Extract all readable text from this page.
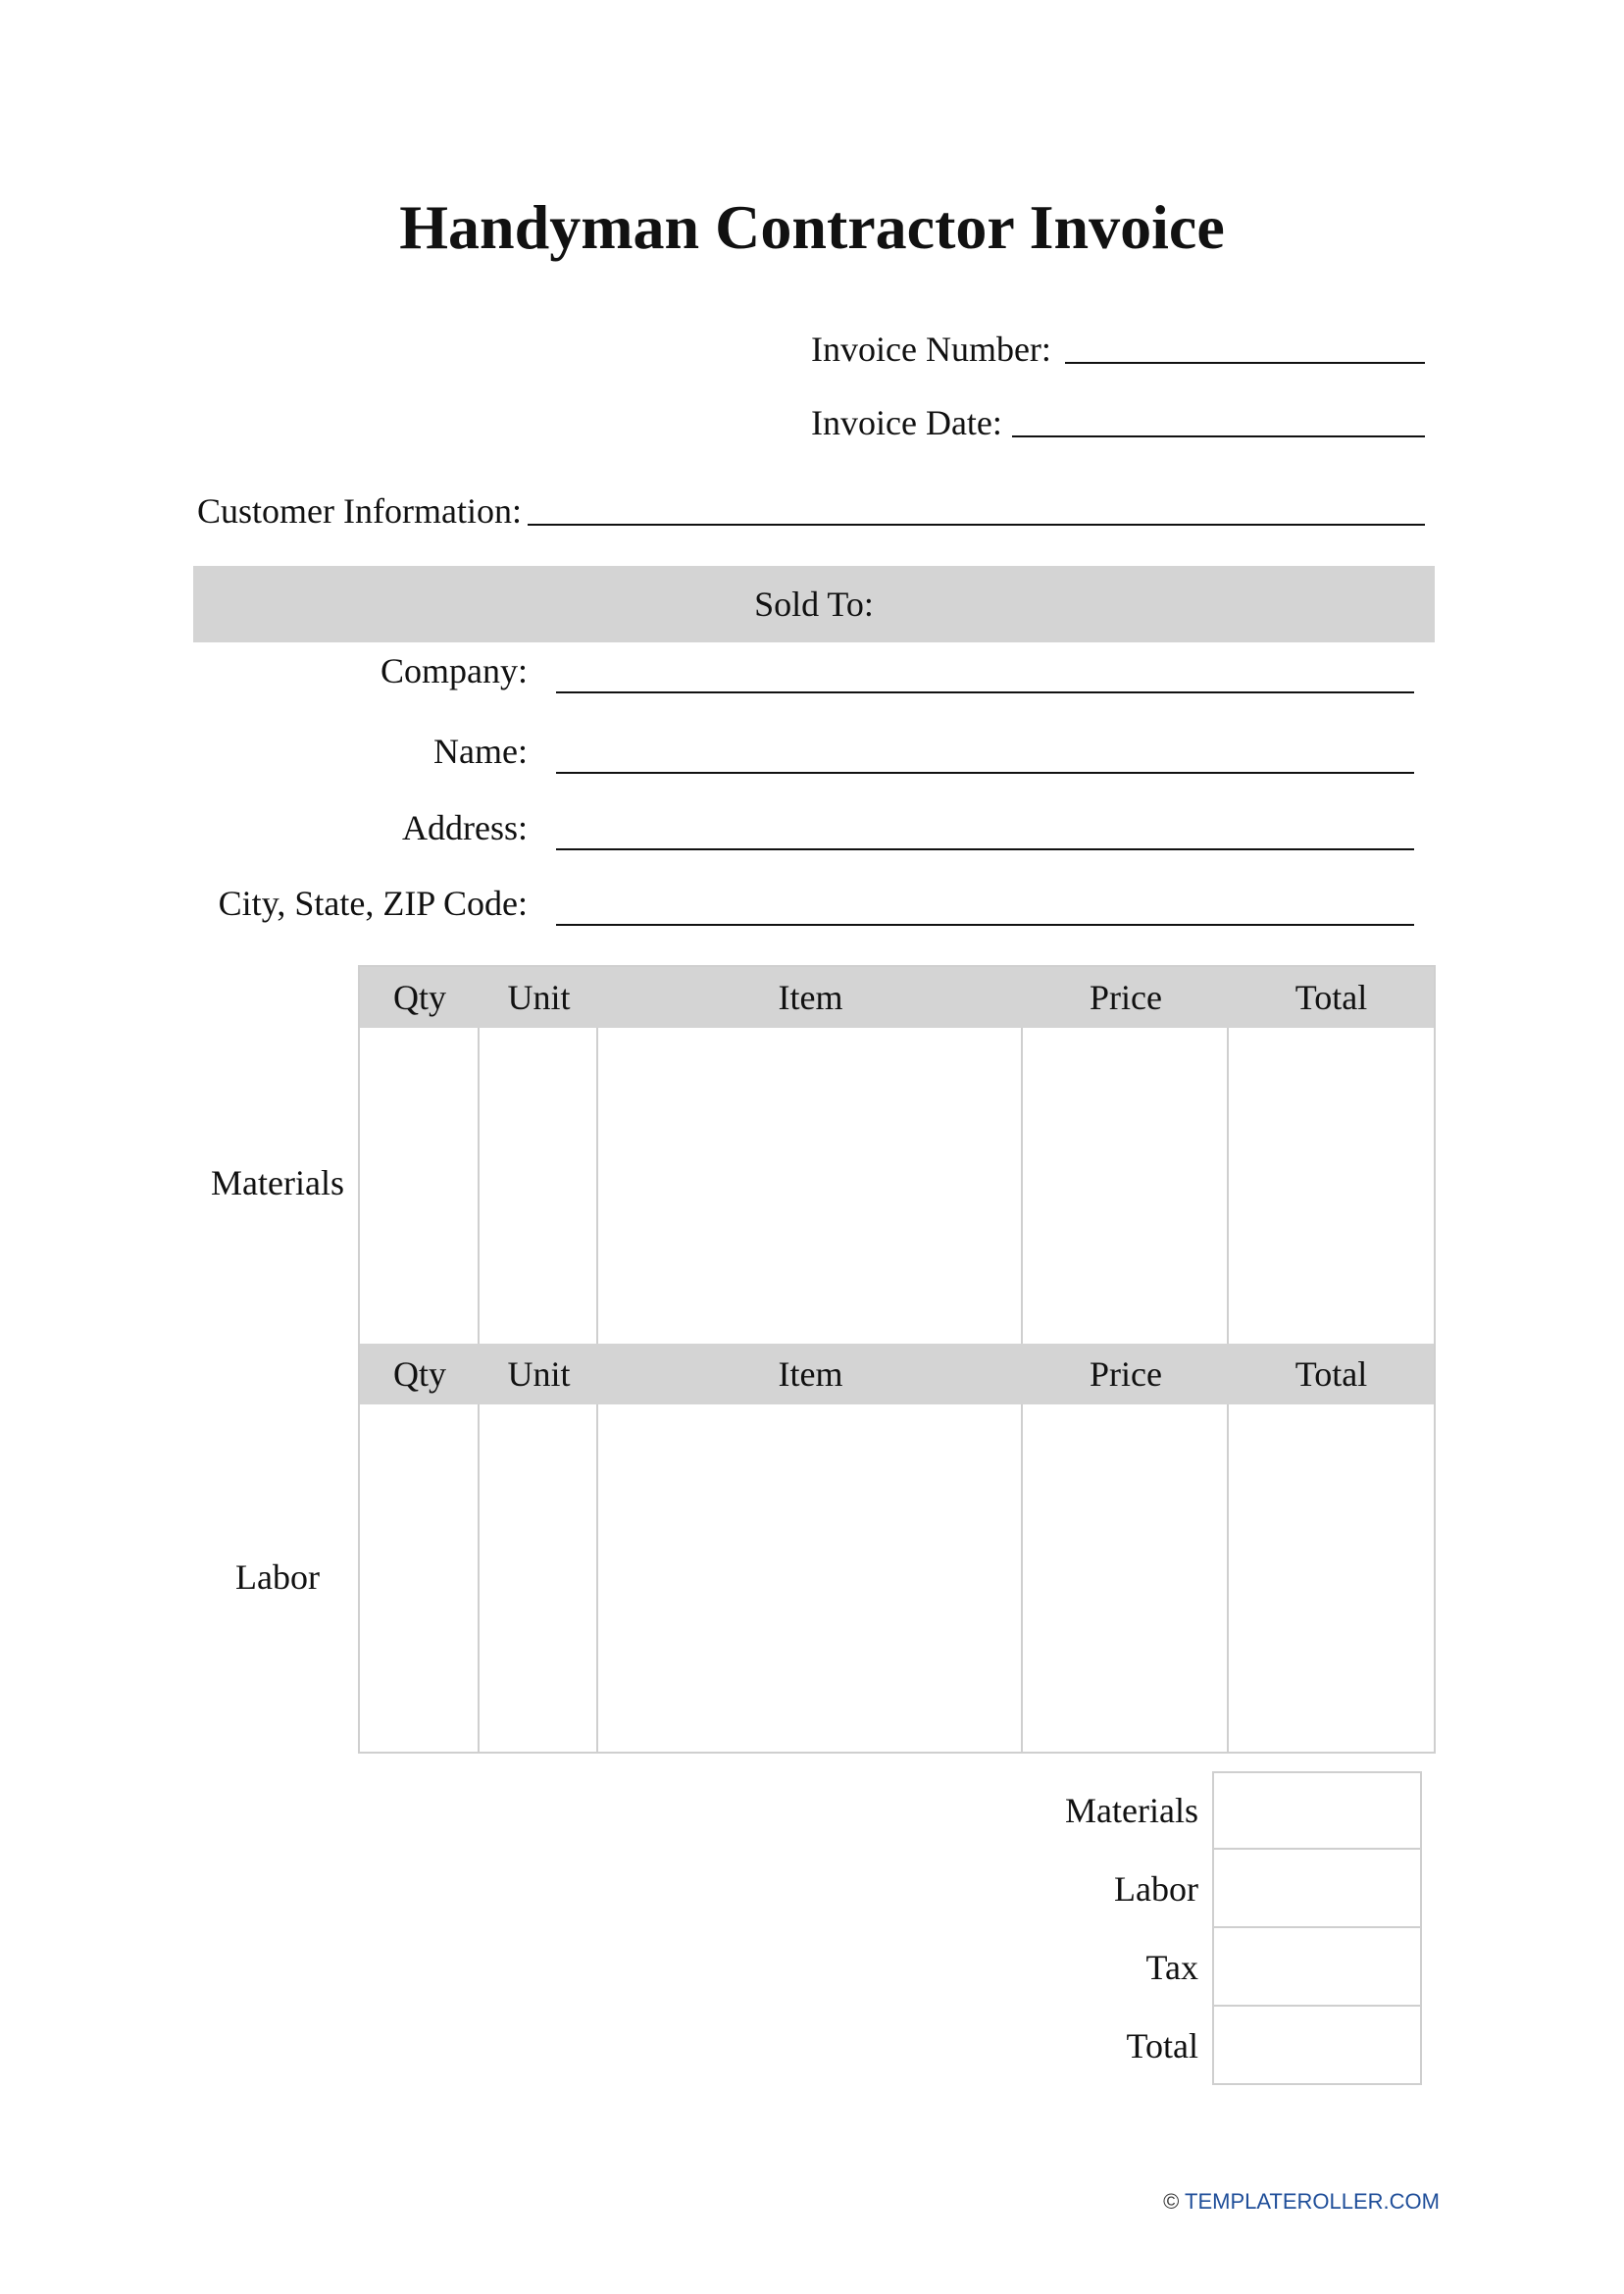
Handyman Contractor Invoice
Invoice Number:
Invoice Date:
Customer Information:
Sold To:
Company:
Name:
Address:
City, State, ZIP Code:
Materials
Qty	Unit	Item	Price	Total
Labor
Qty	Unit	Item	Price	Total
Materials
Labor
Tax
Total
© TEMPLATEROLLER.COM
